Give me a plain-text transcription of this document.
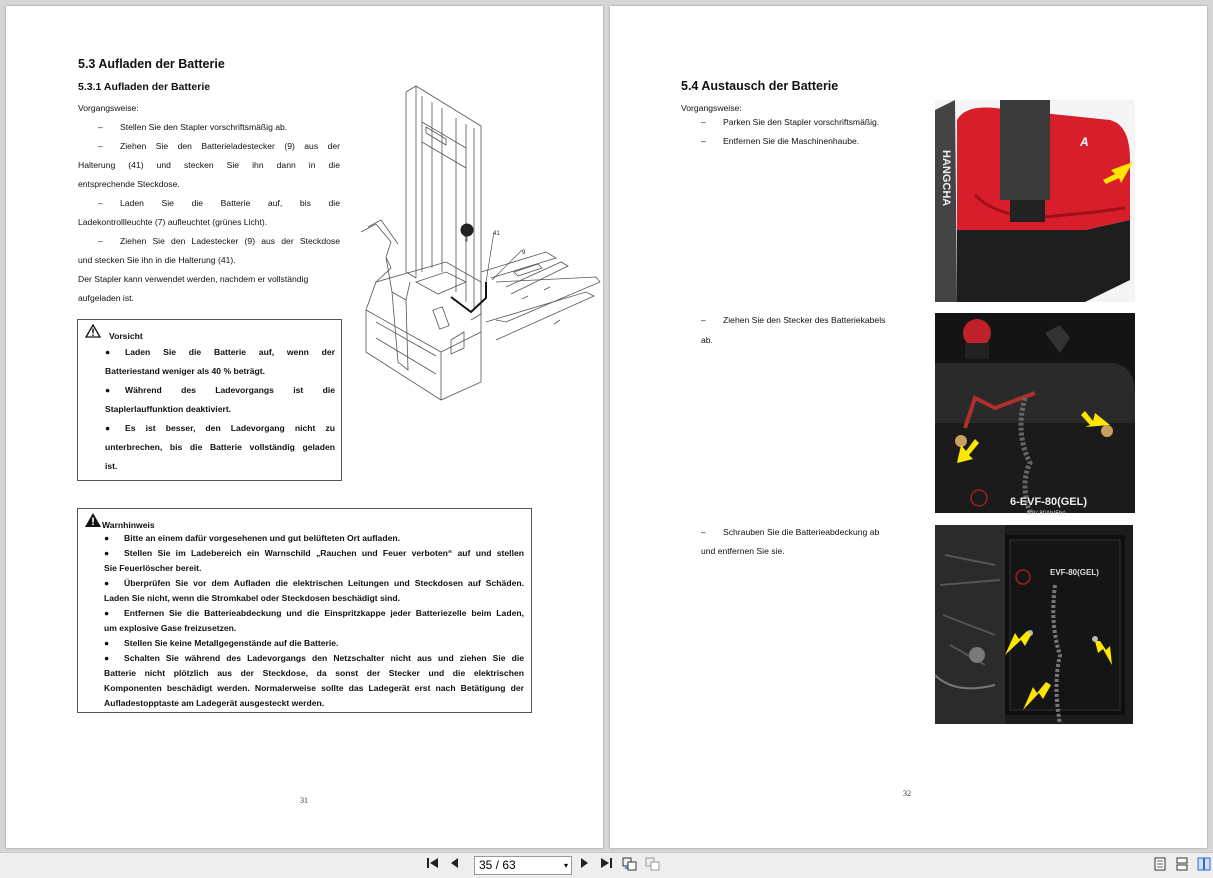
5.3 Aufladen der Batterie
5.3.1 Aufladen der Batterie
Vorgangsweise:
– Stellen Sie den Stapler vorschriftsmäßig ab.
– Ziehen Sie den Batterieladestecker (9) aus der
Halterung (41) und stecken Sie ihn dann in die
entsprechende Steckdose.
– Laden Sie die Batterie auf, bis die
Ladekontrollleuchte (7) aufleuchtet (grünes Licht).
– Ziehen Sie den Ladestecker (9) aus der Steckdose
und stecken Sie ihn in die Halterung (41).
Der Stapler kann verwendet werden, nachdem er vollständig
aufgeladen ist.
Vorsicht
● Laden Sie die Batterie auf, wenn der
Batteriestand weniger als 40 % beträgt.
● Während des Ladevorgangs ist die
Staplerlauffunktion deaktiviert.
● Es ist besser, den Ladevorgang nicht zu
unterbrechen, bis die Batterie vollständig geladen
ist.
Warnhinweis
● Bitte an einem dafür vorgesehenen und gut belüfteten Ort aufladen.
● Stellen Sie im Ladebereich ein Warnschild „Rauchen und Feuer verboten“ auf und stellen
Sie Feuerlöscher bereit.
● Überprüfen Sie vor dem Aufladen die elektrischen Leitungen und Steckdosen auf Schäden.
Laden Sie nicht, wenn die Stromkabel oder Steckdosen beschädigt sind.
● Entfernen Sie die Batterieabdeckung und die Einspritzkappe jeder Batteriezelle beim Laden,
um explosive Gase freizusetzen.
● Stellen Sie keine Metallgegenstände auf die Batterie.
● Schalten Sie während des Ladevorgangs den Netzschalter nicht aus und ziehen Sie die
Batterie nicht plötzlich aus der Steckdose, da sonst der Stecker und die elektrischen
Komponenten beschädigt werden. Normalerweise sollte das Ladegerät erst nach Betätigung der
Aufladestopptaste am Ladegerät ausgesteckt werden.
7
41
9
31
5.4 Austausch der Batterie
Vorgangsweise:
– Parken Sie den Stapler vorschriftsmäßig.
– Entfernen Sie die Maschinenhaube.
– Ziehen Sie den Stecker des Batteriekabels
ab.
– Schrauben Sie die Batterieabdeckung ab
und entfernen Sie sie.
A
HANGCHA
6-EVF-80(GEL)
12V 80Ah(5hr)
EVF-80(GEL)
32
35 / 63	▾
